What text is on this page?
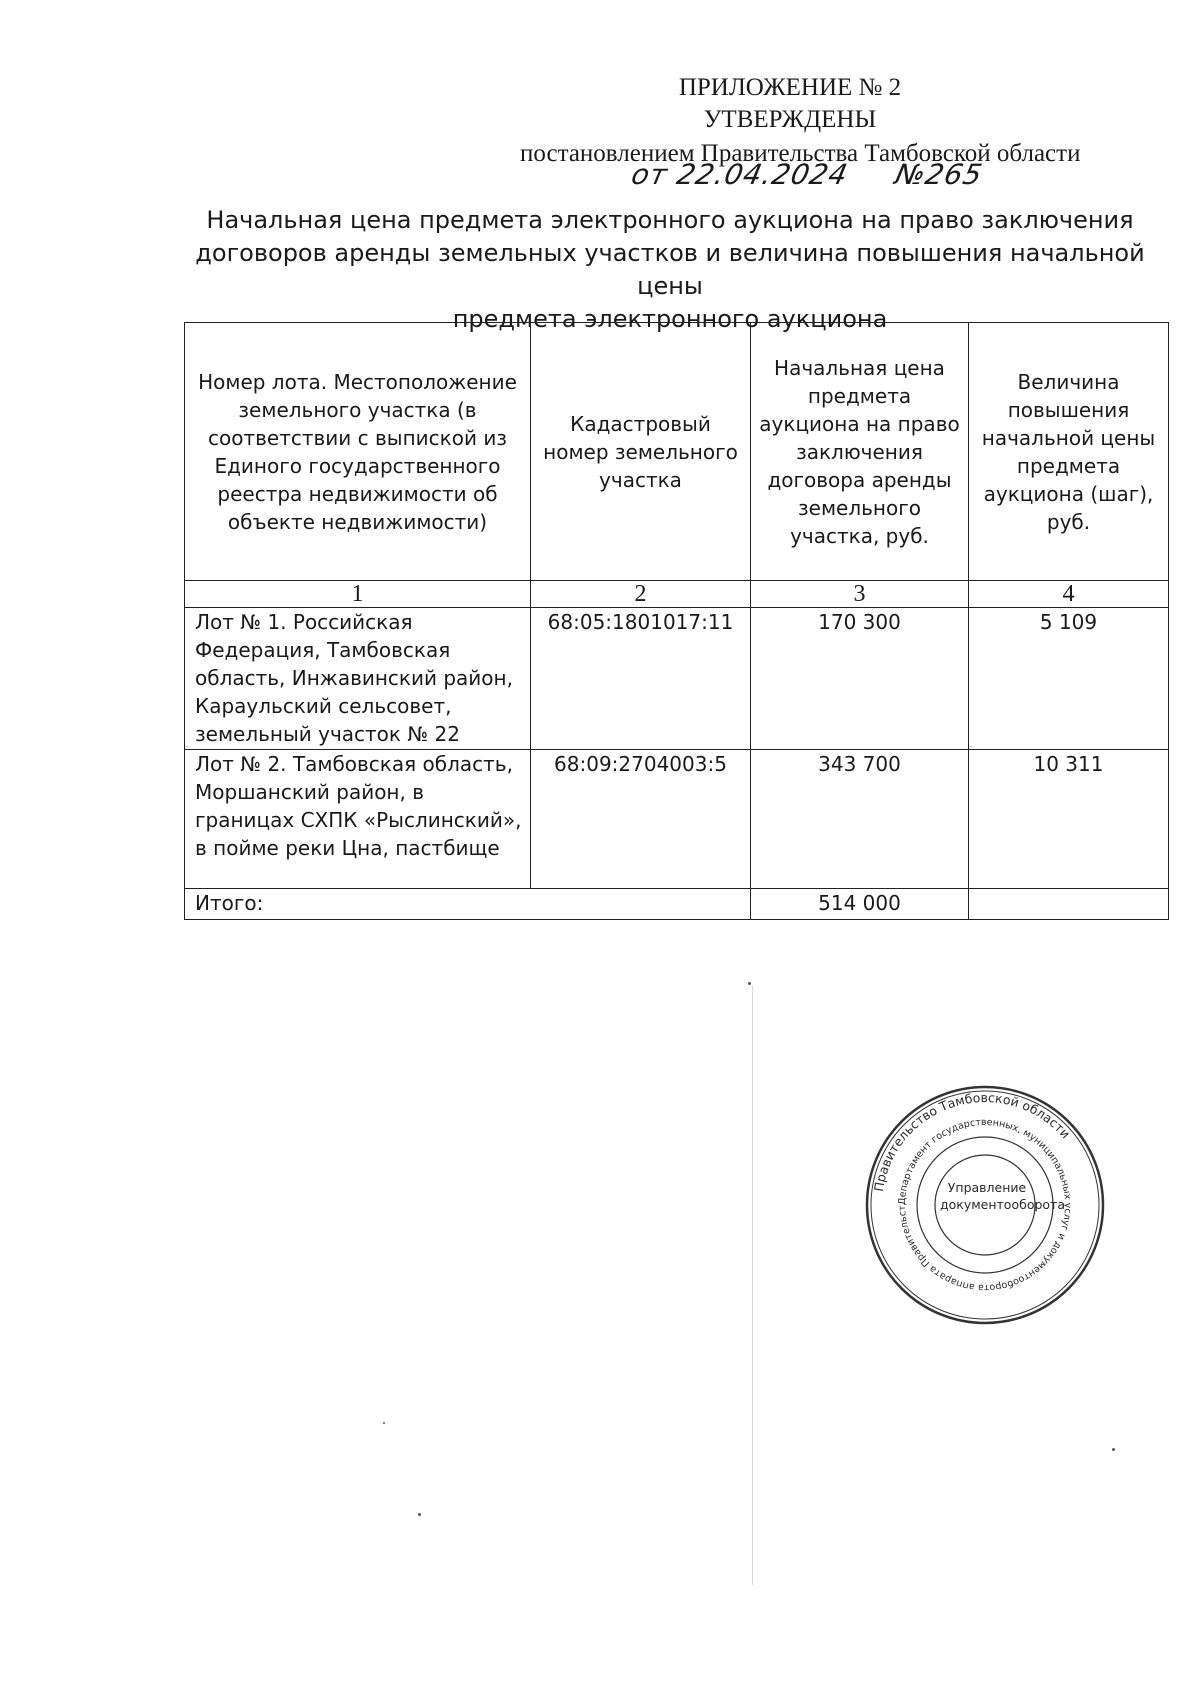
ПРИЛОЖЕНИЕ № 2
УТВЕРЖДЕНЫ
постановлением Правительства Тамбовской области
от 22.04.2024 №265
Начальная цена предмета электронного аукциона на право заключения
договоров аренды земельных участков и величина повышения начальной цены
предмета электронного аукциона
Номер лота. Местоположение земельного участка (в соответствии с выпиской из Единого государственного реестра недвижимости об объекте недвижимости)	Кадастровый номер земельного участка	Начальная цена предмета аукциона на право заключения договора аренды земельного участка, руб.	Величина повышения начальной цены предмета аукциона (шаг), руб.
1	2	3	4
Лот № 1. Российская Федерация, Тамбовская область, Инжавинский район, Караульский сельсовет, земельный участок № 22	68:05:1801017:11	170 300	5 109
Лот № 2. Тамбовская область, Моршанский район, в границах СХПК «Рыслинский», в пойме реки Цна, пастбище	68:09:2704003:5	343 700	10 311
Итого:		514 000	
Правительство Тамбовской области
Департамент государственных, муниципальных услуг и документооборота аппарата Правительст
Управление документооборота
